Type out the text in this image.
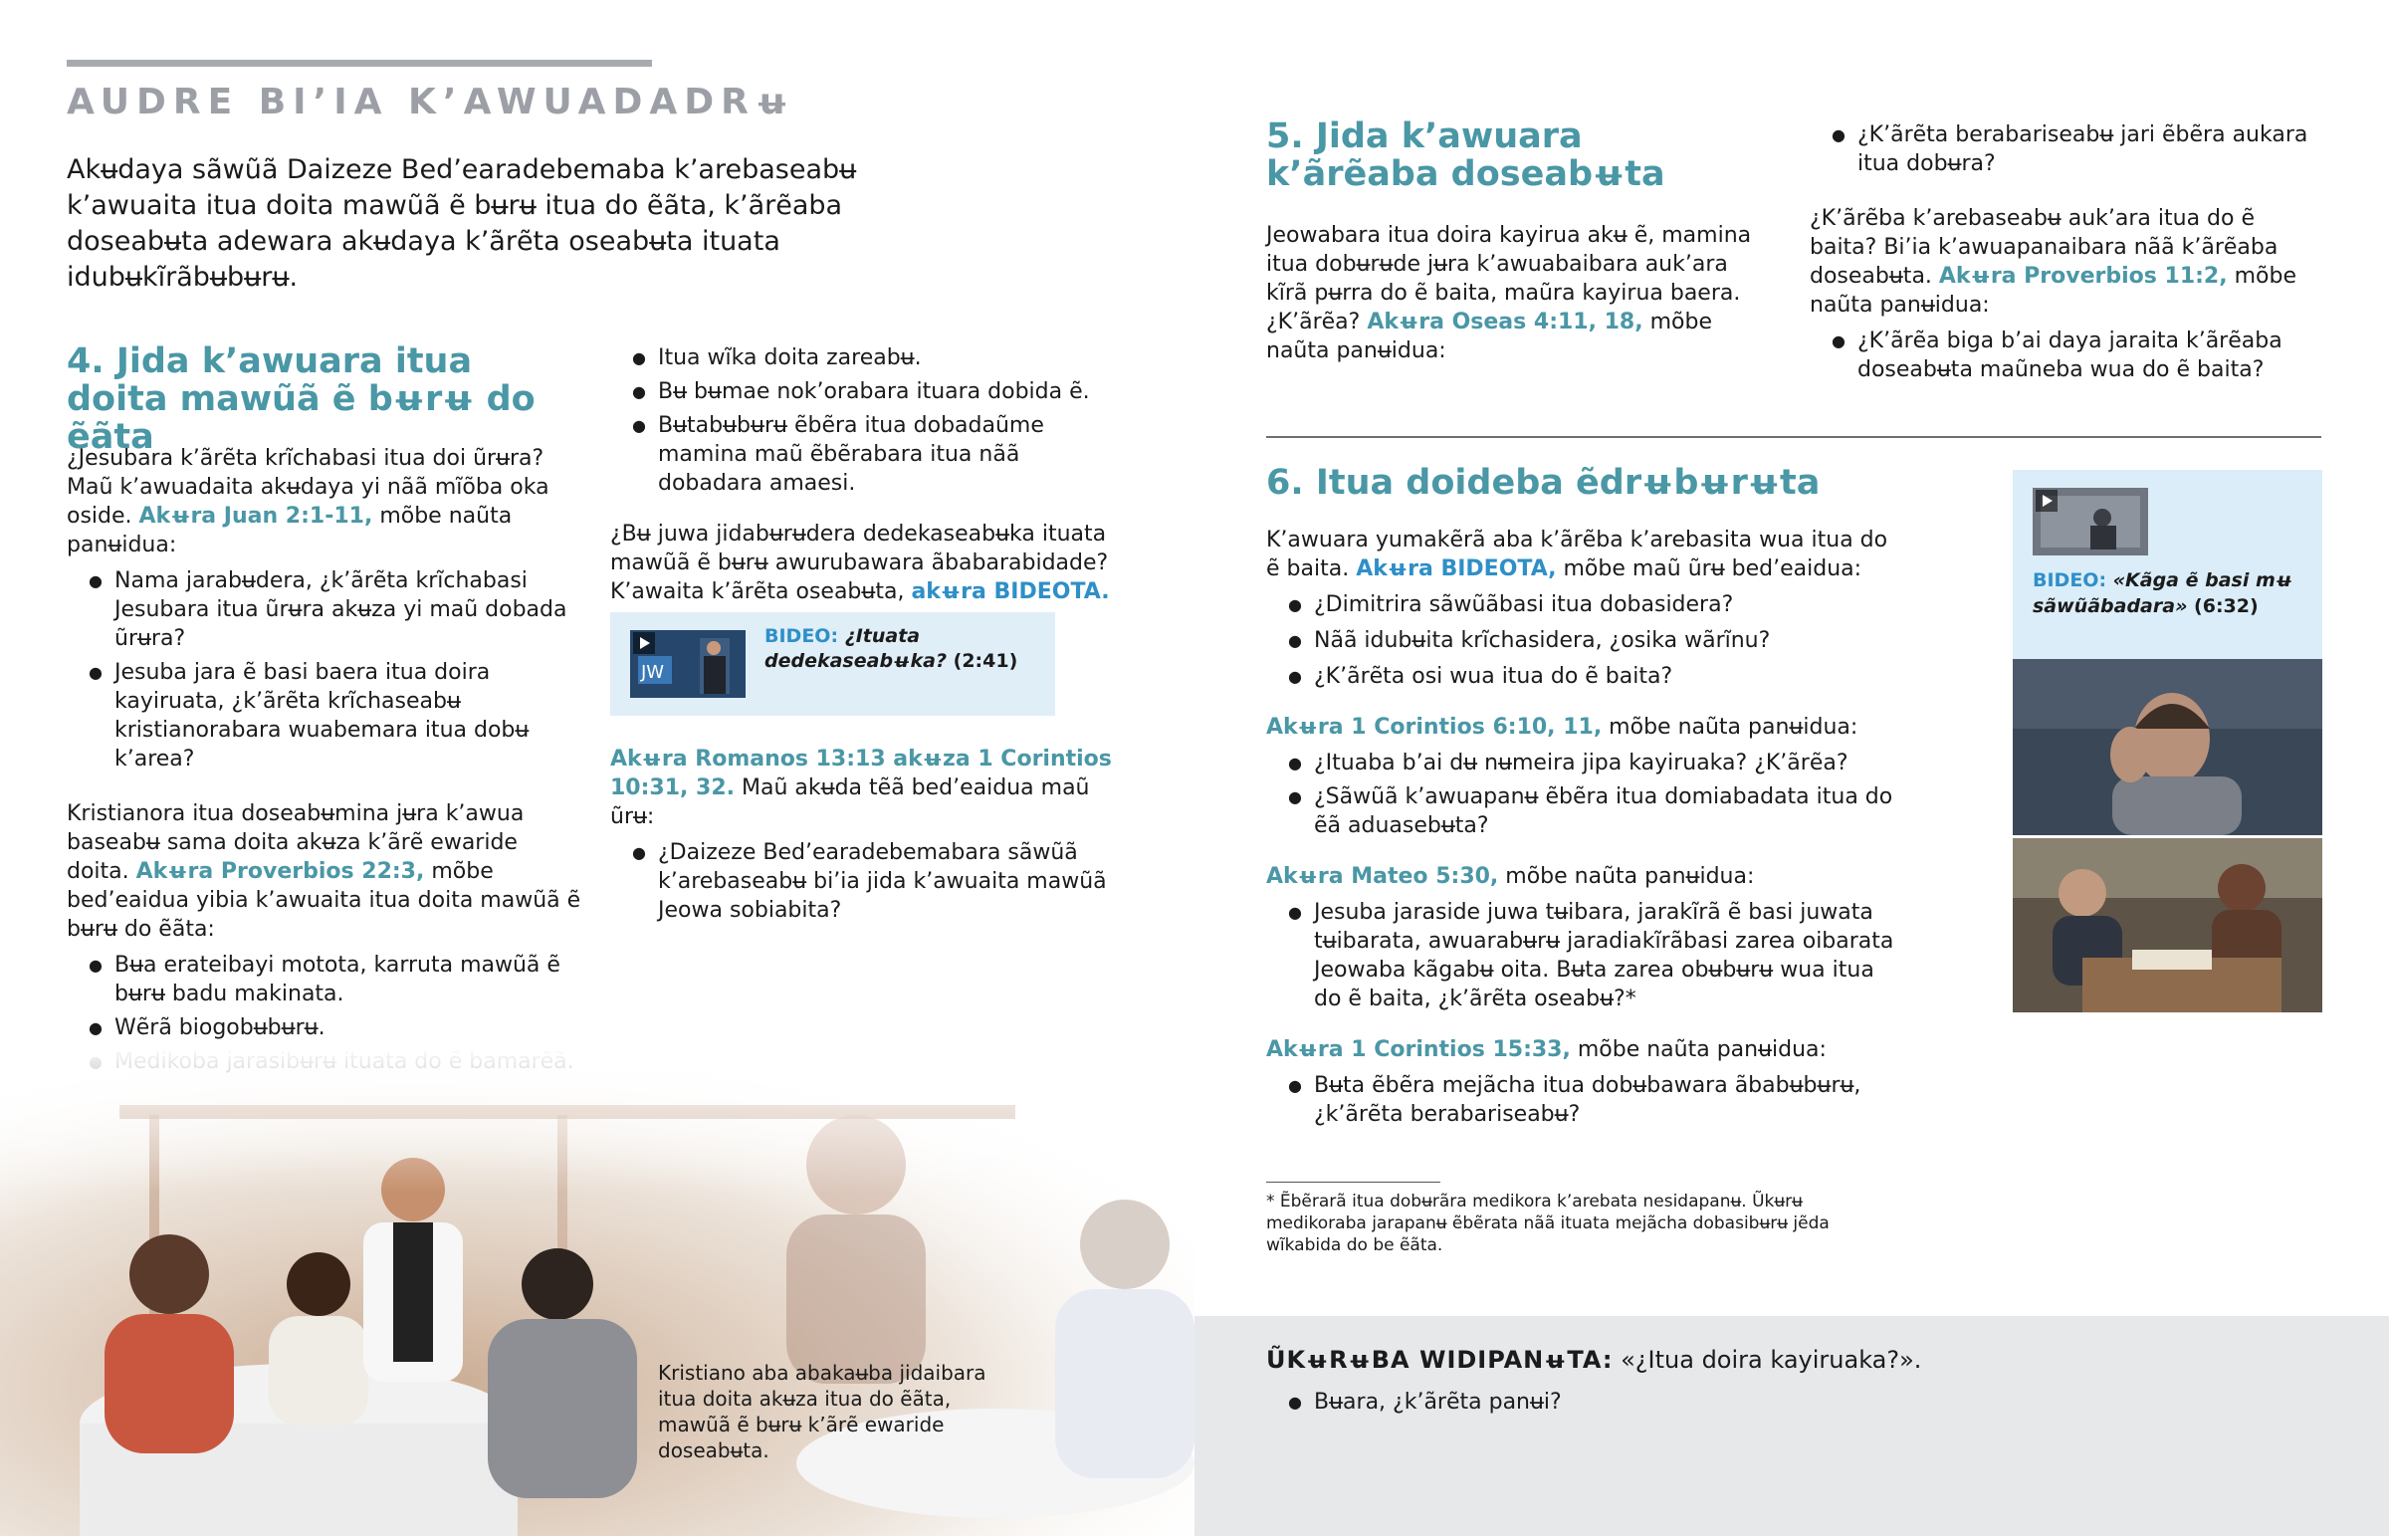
AUDRE BI’IA K’AWUADADRʉ

Akʉdaya sãwũã Daizeze Bed’earadebemaba k’arebaseabʉ k’awuaita itua doita mawũã ẽ bʉrʉ itua do ẽãta, k’ãrẽaba doseabʉta adewara akʉdaya k’ãrẽta oseabʉta ituata idubʉkĩrãbʉbʉrʉ.

4. Jida k’awuara itua doita mawũã ẽ bʉrʉ do ẽãta

¿Jesubara k’ãrẽta krĩchabasi itua doi ũrʉra? Maũ k’awuadaita akʉdaya yi nãã mĩõba oka oside. Akʉra Juan 2:1-11, mõbe naũta panʉidua:

● Nama jarabʉdera, ¿k’ãrẽta krĩchabasi Jesubara itua ũrʉra akʉza yi maũ dobada ũrʉra?
● Jesuba jara ẽ basi baera itua doira kayiruata, ¿k’ãrẽta krĩchaseabʉ kristianorabara wuabemara itua dobʉ k’area?

Kristianora itua doseabʉmina jʉra k’awua baseabʉ sama doita akʉza k’ãrẽ ewaride doita. Akʉra Proverbios 22:3, mõbe bed’eaidua yibia k’awuaita itua doita mawũã ẽ bʉrʉ do ẽãta:

● Bʉa erateibayi mototа, karruta mawũã ẽ bʉrʉ badu makinata.
● Wẽrã biogobʉbʉrʉ.
●
● Itua wĩka doita zareabʉ.
● Bʉ bʉmae nok’orabara ituara dobida ẽ.
● Bʉtabʉbʉrʉ ẽbẽra itua dobadaũme mamina maũ ẽbẽrabara itua nãã dobadara amaesi.

¿Bʉ juwa jidabʉrʉdera dedekaseabʉka ituata mawũã ẽ bʉrʉ awurubawara ãbabarabidade? K’awaita k’ãrẽta oseabʉta, akʉra BIDEOTA.

JW
BIDEO: ¿Ituata dedekaseabʉka? (2:41)

Akʉra Romanos 13:13 akʉza 1 Corintios 10:31, 32. Maũ akʉda tẽã bed’eaidua maũ ũrʉ:

● ¿Daizeze Bed’earadebemabara sãwũã k’arebaseabʉ bi’ia jida k’awuaita mawũã Jeowa sobiabita?
Kristiano aba abakaʉba jidaibara itua doita akʉza itua do ẽãta, mawũã ẽ bʉrʉ k’ãrẽ ewaride doseabʉta.
5. Jida k’awuara k’ãrẽaba doseabʉta

Jeowabara itua doira kayirua akʉ ẽ, mamina itua dobʉrʉde jʉra k’awuabaibara auk’ara kĩrã pʉrra do ẽ baita, maũra kayirua baera. ¿K’ãrẽa? Akʉra Oseas 4:11, 18, mõbe naũta panʉidua:

● ¿K’ãrẽta berabariseabʉ jari ẽbẽra aukara itua dobʉra?

¿K’ãrẽba k’arebaseabʉ auk’ara itua do ẽ baita? Bi’ia k’awuapanaibara nãã k’ãrẽaba doseabʉta. Akʉra Proverbios 11:2, mõbe naũta panʉidua:

● ¿K’ãrẽa biga b’ai daya jaraita k’ãrẽaba doseabʉta maũneba wua do ẽ baita?
6. Itua doideba ẽdrʉbʉrʉta

K’awuara yumakẽrã aba k’ãrẽba k’arebasita wua itua do ẽ baita. Akʉra BIDEOTA, mõbe maũ ũrʉ bed’eaidua:

● ¿Dimitrira sãwũãbasi itua dobasidera?
● Nãã idubʉita krĩchasidera, ¿osika wãrĩnu?
● ¿K’ãrẽta osi wua itua do ẽ baita?

Akʉra 1 Corintios 6:10, 11, mõbe naũta panʉidua:

● ¿Ituaba b’ai dʉ nʉmeira jipa kayiruaka? ¿K’ãrẽa?
● ¿Sãwũã k’awuapanʉ ẽbẽra itua domiabadata itua do ẽã aduasebʉta?

Akʉra Mateo 5:30, mõbe naũta panʉidua:

● Jesuba jaraside juwa tʉibara, jarakĩrã ẽ basi juwata tʉibarata, awuarabʉrʉ jaradiakĩrãbasi zarea oibarata Jeowaba kãgabʉ oita. Bʉta zarea obʉbʉrʉ wua itua do ẽ baita, ¿k’ãrẽta oseabʉ?*

Akʉra 1 Corintios 15:33, mõbe naũta panʉidua:

● Bʉta ẽbẽra mejãcha itua dobʉbawara ãbabʉbʉrʉ, ¿k’ãrẽta berabariseabʉ?

* Ẽbẽrarã itua dobʉrãra medikora k’arebata nesidapanʉ. Ũkʉrʉ medikoraba jarapanʉ ẽbẽrata nãã ituata mejãcha dobasibʉrʉ jẽda wĩkabida do be ẽãta.

BIDEO: «Kãga ẽ basi mʉ sãwũãbadara» (6:32)
ŨKʉRʉBA WIDIPANʉTA: «¿Itua doira kayiruaka?».
● Bʉara, ¿k’ãrẽta panʉi?
